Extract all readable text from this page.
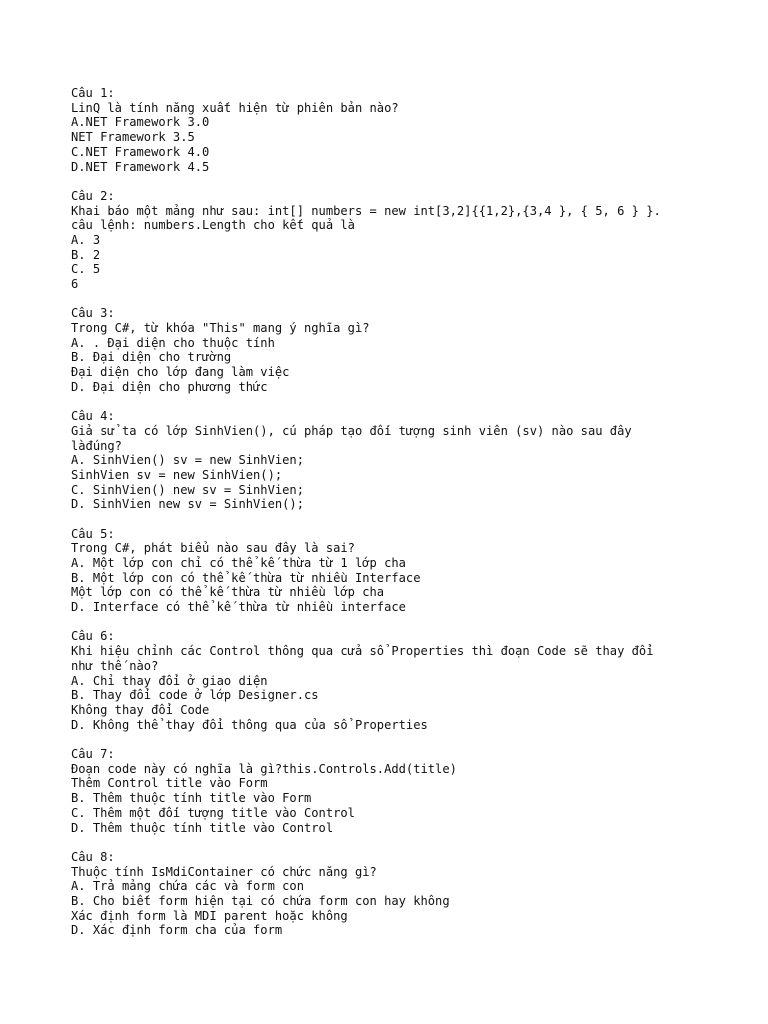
Câu 1:
LinQ là tính năng xuất hiện từ phiên bản nào?
A.NET Framework 3.0
NET Framework 3.5
C.NET Framework 4.0
D.NET Framework 4.5
Câu 2:
Khai báo một mảng như sau: int[] numbers = new int[3,2]{{1,2},{3,4 }, { 5, 6 } }.
câu lệnh: numbers.Length cho kết quả là
A. 3
B. 2
C. 5
6
Câu 3:
Trong C#, từ khóa "This" mang ý nghĩa gì?
A. . Đại diện cho thuộc tính
B. Đại diện cho trường
Đại diện cho lớp đang làm việc
D. Đại diện cho phương thức
Câu 4:
Giả sử ta có lớp SinhVien(), cú pháp tạo đối tượng sinh viên (sv) nào sau đây
làđúng?
A. SinhVien() sv = new SinhVien;
SinhVien sv = new SinhVien();
C. SinhVien() new sv = SinhVien;
D. SinhVien new sv = SinhVien();
Câu 5:
Trong C#, phát biểu nào sau đây là sai?
A. Một lớp con chỉ có thể kế thừa từ 1 lớp cha
B. Một lớp con có thể kế thừa từ nhiều Interface
Một lớp con có thể kế thừa từ nhiều lớp cha
D. Interface có thể kế thừa từ nhiều interface
Câu 6:
Khi hiệu chỉnh các Control thông qua cửa sổ Properties thì đoạn Code sẽ thay đổi
như thế nào?
A. Chỉ thay đổi ở giao diện
B. Thay đổi code ở lớp Designer.cs
Không thay đổi Code
D. Không thể thay đổi thông qua của sổ Properties
Câu 7:
Đoạn code này có nghĩa là gì?this.Controls.Add(title)
Thêm Control title vào Form
B. Thêm thuộc tính title vào Form
C. Thêm một đối tượng title vào Control
D. Thêm thuộc tính title vào Control
Câu 8:
Thuộc tính IsMdiContainer có chức năng gì?
A. Trả mảng chứa các và form con
B. Cho biết form hiện tại có chứa form con hay không
Xác định form là MDI parent hoặc không
D. Xác định form cha của form
